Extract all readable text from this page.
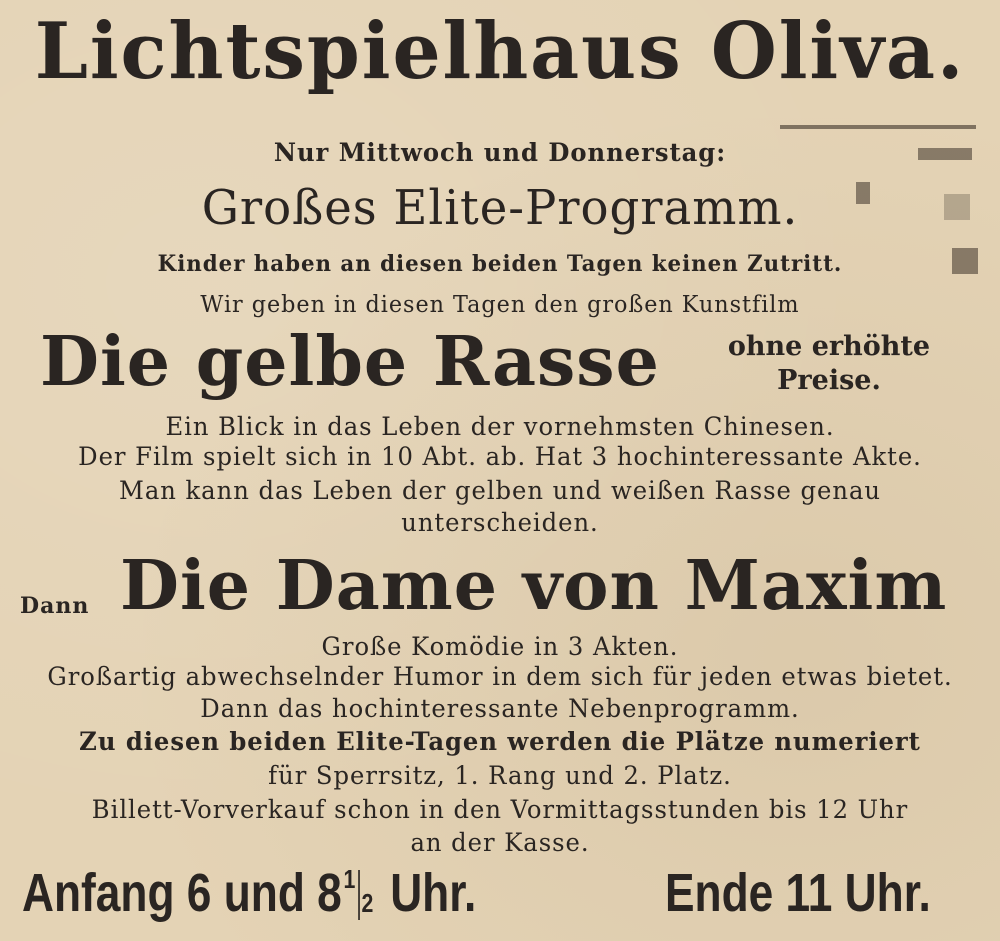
Lichtspielhaus Oliva.
Nur Mittwoch und Donnerstag:
Großes Elite-Programm.
Kinder haben an diesen beiden Tagen keinen Zutritt.
Wir geben in diesen Tagen den großen Kunstfilm
Die gelbe Rasse	ohne erhöhte
Preise.
Ein Blick in das Leben der vornehmsten Chinesen.
Der Film spielt sich in 10 Abt. ab. Hat 3 hochinteressante Akte.
Man kann das Leben der gelben und weißen Rasse genau
unterscheiden.
Dann Die Dame von Maxim
Große Komödie in 3 Akten.
Großartig abwechselnder Humor in dem sich für jeden etwas bietet.
Dann das hochinteressante Nebenprogramm.
Zu diesen beiden Elite-Tagen werden die Plätze numeriert
für Sperrsitz, 1. Rang und 2. Platz.
Billett-Vorverkauf schon in den Vormittagsstunden bis 12 Uhr
an der Kasse.
Anfang 6 und 8 1
2 Uhr.	Ende 11 Uhr.
